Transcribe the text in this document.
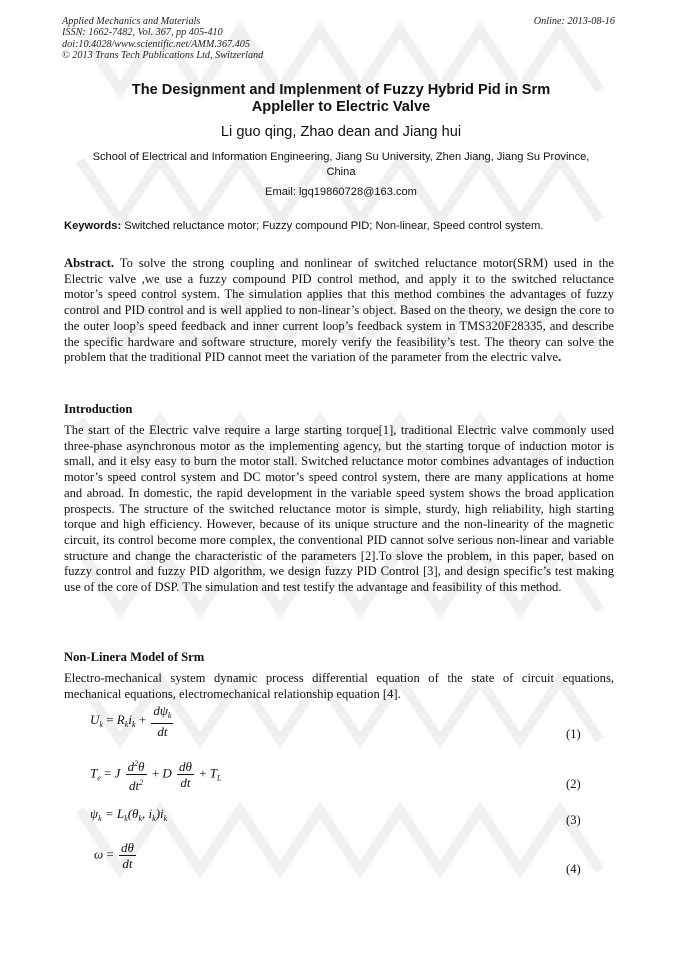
Applied Mechanics and Materials
ISSN: 1662-7482, Vol. 367, pp 405-410
doi:10.4028/www.scientific.net/AMM.367.405
© 2013 Trans Tech Publications Ltd, Switzerland
Online: 2013-08-16
The Designment and Implenment of Fuzzy Hybrid Pid in Srm
Appleller to Electric Valve
Li guo qing, Zhao dean and Jiang hui
School of Electrical and Information Engineering, Jiang Su University, Zhen Jiang, Jiang Su Province, China
Email: lgq19860728@163.com
Keywords: Switched reluctance motor; Fuzzy compound PID; Non-linear, Speed control system.
Abstract. To solve the strong coupling and nonlinear of switched reluctance motor(SRM) used in the Electric valve ,we use a fuzzy compound PID control method, and apply it to the switched reluctance motor’s speed control system. The simulation applies that this method combines the advantages of fuzzy control and PID control and is well applied to non-linear’s object. Based on the theory, we design the core to the outer loop’s speed feedback and inner current loop’s feedback system in TMS320F28335, and describe the specific hardware and software structure, morely verify the feasibility’s test. The theory can solve the problem that the traditional PID cannot meet the variation of the parameter from the electric valve.
Introduction
The start of the Electric valve require a large starting torque[1], traditional Electric valve commonly used three-phase asynchronous motor as the implementing agency, but the starting torque of induction motor is small, and it elsy easy to burn the motor stall. Switched reluctance motor combines advantages of induction motor’s speed control system and DC motor’s speed control system, there are many applications at home and abroad. In domestic, the rapid development in the variable speed system shows the broad application prospects. The structure of the switched reluctance motor is simple, sturdy, high reliability, high starting torque and high efficiency. However, because of its unique structure and the non-linearity of the magnetic circuit, its control become more complex, the conventional PID cannot solve serious non-linear and variable structure and change the characteristic of the parameters [2].To slove the problem, in this paper, based on fuzzy control and fuzzy PID algorithm, we design fuzzy PID Control [3], and design specific’s test making use of the core of DSP. The simulation and test testify the advantage and feasibility of this method.
Non-Linera Model of Srm
Electro-mechanical system dynamic process differential equation of the state of circuit equations, mechanical equations, electromechanical relationship equation [4].
$U_k = R_ki_k + \frac{d\psi_k}{dt}$	(1)
$T_e = J \frac{d^2\theta}{dt^2} + D \frac{d\theta}{dt} + T_L$	(2)
$\psi_k = L_k(\theta_k$, $i_k)i_k$	(3)
$\omega = \frac{d\theta}{dt}$	(4)
